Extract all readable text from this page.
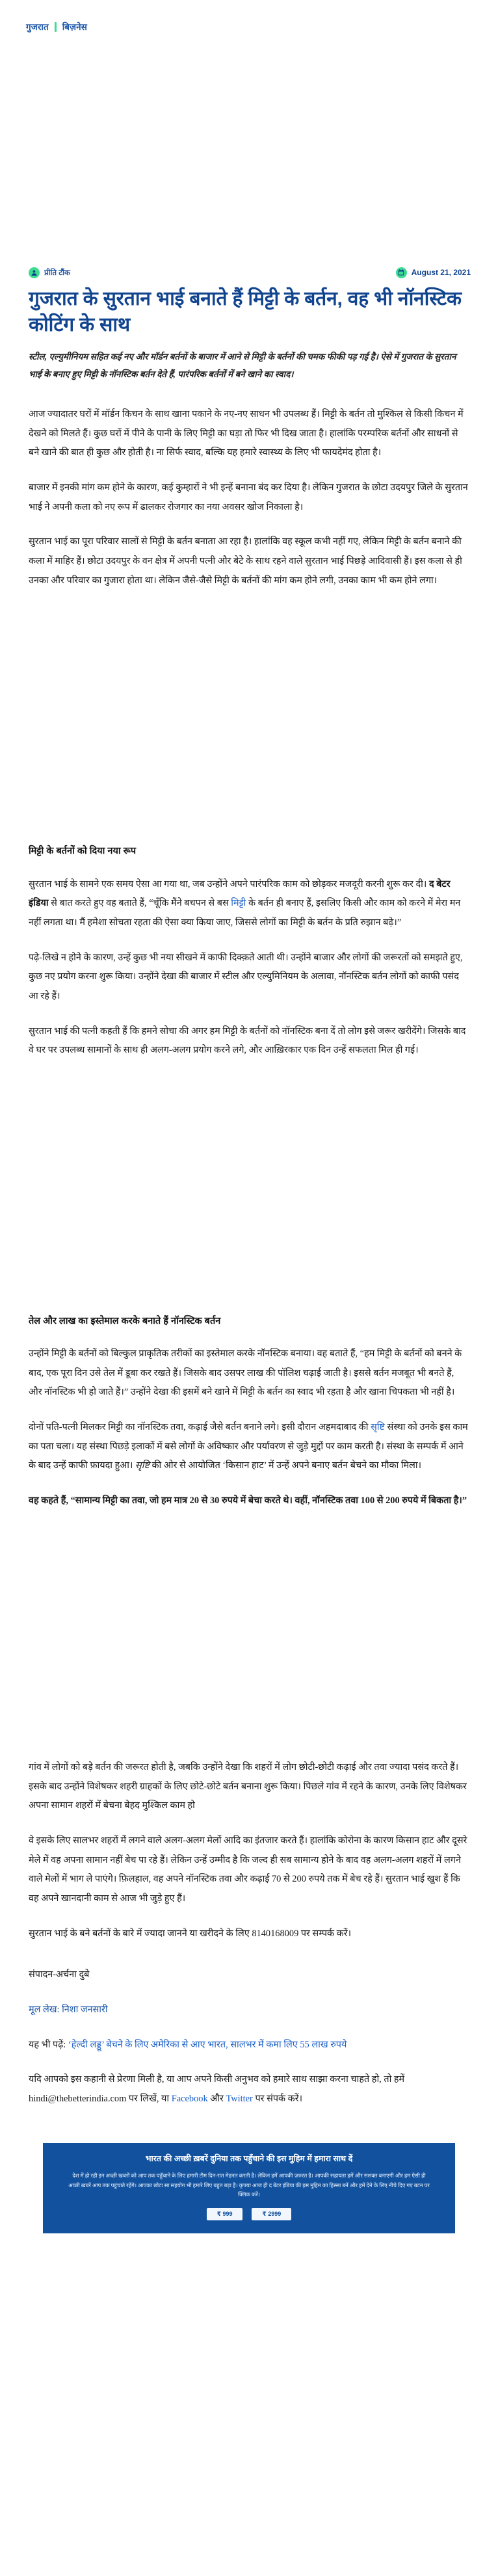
गुजरात बिज़नेस
प्रीति टौंक	August 21, 2021
गुजरात के सुरतान भाई बनाते हैं मिट्टी के बर्तन, वह भी नॉनस्टिक कोटिंग के साथ

स्टील, एल्युमीनियम सहित कई नए और मॉर्डन बर्तनों के बाजार में आने से मिट्टी के बर्तनों की चमक फीकी पड़ गई है। ऐसे में गुजरात के सुरतान भाई के बनाए हुए मिट्टी के नॉनस्टिक बर्तन देते हैं, पारंपरिक बर्तनों में बने खाने का स्वाद।

आज ज्यादातर घरों में मॉर्डन किचन के साथ खाना पकाने के नए-नए साधन भी उपलब्ध हैं। मिट्टी के बर्तन तो मुश्किल से किसी किचन में देखने को मिलते हैं। कुछ घरों में पीने के पानी के लिए मिट्टी का घड़ा तो फिर भी दिख जाता है। हालांकि परम्परिक बर्तनों और साधनों से बने खाने की बात ही कुछ और होती है। ना सिर्फ स्वाद, बल्कि यह हमारे स्वास्थ्य के लिए भी फायदेमंद होता है।

बाजार में इनकी मांग कम होने के कारण, कई कुम्हारों ने भी इन्हें बनाना बंद कर दिया है। लेकिन गुजरात के छोटा उदयपुर जिले के सुरतान भाई ने अपनी कला को नए रूप में ढालकर रोजगार का नया अवसर खोज निकाला है।

सुरतान भाई का पूरा परिवार सालों से मिट्टी के बर्तन बनाता आ रहा है। हालांकि वह स्कूल कभी नहीं गए, लेकिन मिट्टी के बर्तन बनाने की कला में माहिर हैं। छोटा उदयपुर के वन क्षेत्र में अपनी पत्नी और बेटे के साथ रहने वाले सुरतान भाई पिछड़े आदिवासी हैं। इस कला से ही उनका और परिवार का गुजारा होता था। लेकिन जैसे-जैसे मिट्टी के बर्तनों की मांग कम होने लगी, उनका काम भी कम होने लगा।

मिट्टी के बर्तनों को दिया नया रूप

सुरतान भाई के सामने एक समय ऐसा आ गया था, जब उन्होंने अपने पारंपरिक काम को छोड़कर मजदूरी करनी शुरू कर दी। द बेटर इंडिया से बात करते हुए वह बताते हैं, “चूँकि मैंने बचपन से बस मिट्टी के बर्तन ही बनाए हैं, इसलिए किसी और काम को करने में मेरा मन नहीं लगता था। मैं हमेशा सोचता रहता की ऐसा क्या किया जाए, जिससे लोगों का मिट्टी के बर्तन के प्रति रुझान बढ़े।”

पढ़े-लिखे न होने के कारण, उन्हें कुछ भी नया सीखने में काफी दिक्क़ते आती थी। उन्होंने बाजार और लोगों की जरूरतों को समझते हुए, कुछ नए प्रयोग करना शुरू किया। उन्होंने देखा की बाजार में स्टील और एल्युमिनियम के अलावा, नॉनस्टिक बर्तन लोगों को काफी पसंद आ रहे हैं।

सुरतान भाई की पत्नी कहती हैं कि हमने सोचा की अगर हम मिट्टी के बर्तनों को नॉनस्टिक बना दें तो लोग इसे जरूर खरीदेंगे। जिसके बाद वे घर पर उपलब्ध सामानों के साथ ही अलग-अलग प्रयोग करने लगे, और आख़िरकार एक दिन उन्हें सफलता मिल ही गई।

तेल और लाख का इस्तेमाल करके बनाते हैं नॉनस्टिक बर्तन

उन्होंने मिट्टी के बर्तनों को बिल्कुल प्राकृतिक तरीकों का इस्तेमाल करके नॉनस्टिक बनाया। वह बताते हैं, “हम मिट्टी के बर्तनों को बनने के बाद, एक पूरा दिन उसे तेल में डूबा कर रखते हैं। जिसके बाद उसपर लाख की पॉलिश चढ़ाई जाती है। इससे बर्तन मजबूत भी बनते हैं, और नॉनस्टिक भी हो जाते हैं।” उन्होंने देखा की इसमें बने खाने में मिट्टी के बर्तन का स्वाद भी रहता है और खाना चिपकता भी नहीं है।

दोनों पति-पत्नी मिलकर मिट्टी का नॉनस्टिक तवा, कढ़ाई जैसे बर्तन बनाने लगे। इसी दौरान अहमदाबाद की सृष्टि संस्था को उनके इस काम का पता चला। यह संस्था पिछड़े इलाकों में बसे लोगों के अविष्कार और पर्यावरण से जुड़े मुद्दों पर काम करती है। संस्था के सम्पर्क में आने के बाद उन्हें काफी फ़ायदा हुआ। सृष्टि की ओर से आयोजित ‘किसान हाट’ में उन्हें अपने बनाए बर्तन बेचने का मौका मिला।

वह कहते हैं, “सामान्य मिट्टी का तवा, जो हम मात्र 20 से 30 रुपये में बेचा करते थे। वहीं, नॉनस्टिक तवा 100 से 200 रुपये में बिकता है।”

गांव में लोगों को बड़े बर्तन की जरूरत होती है, जबकि उन्होंने देखा कि शहरों में लोग छोटी-छोटी कढ़ाई और तवा ज्यादा पसंद करते हैं। इसके बाद उन्होंने विशेषकर शहरी ग्राहकों के लिए छोटे-छोटे बर्तन बनाना शुरू किया। पिछले गांव में रहने के कारण, उनके लिए विशेषकर अपना सामान शहरों में बेचना बेहद मुश्किल काम हो

वे इसके लिए सालभर शहरों में लगने वाले अलग-अलग मेलों आदि का इंतजार करते हैं। हालांकि कोरोना के कारण किसान हाट और दूसरे मेले में वह अपना सामान नहीं बेच पा रहे हैं। लेकिन उन्हें उम्मीद है कि जल्द ही सब सामान्य होने के बाद वह अलग-अलग शहरों में लगने वाले मेलों में भाग ले पाएंगे। फ़िलहाल, वह अपने नॉनस्टिक तवा और कढ़ाई 70 से 200 रुपये तक में बेच रहे हैं। सुरतान भाई खुश हैं कि वह अपने खानदानी काम से आज भी जुड़े हुए हैं।

सुरतान भाई के बने बर्तनों के बारे में ज्यादा जानने या खरीदने के लिए 8140168009 पर सम्पर्क करें।

संपादन-अर्चना दुबे

मूल लेख: निशा जनसारी

यह भी पढ़ें: ‘हेल्दी लड्डू’ बेचने के लिए अमेरिका से आए भारत, सालभर में कमा लिए 55 लाख रुपये

यदि आपको इस कहानी से प्रेरणा मिली है, या आप अपने किसी अनुभव को हमारे साथ साझा करना चाहते हो, तो हमें hindi@thebetterindia.com पर लिखें, या Facebook और Twitter पर संपर्क करें।

भारत की अच्छी ख़बरें दुनिया तक पहुँचाने की इस मुहिम में हमारा साथ दें
देश में हो रही इन अच्छी खबरों को आप तक पहुँचाने के लिए हमारी टीम दिन-रात मेहनत करती है। लेकिन हमें आपकी ज़रुरत है। आपकी सहायता हमें और सशक्त बनाएगी और हम ऐसी ही अच्छी ख़बरें आप तक पहुंचाते रहेंगे। आपका छोटा सा सहयोग भी हमारे लिए बहुत बड़ा है। कृपया आज ही द बेटर इंडिया की इस मुहिम का हिस्सा बनें और हमें देने के लिए नीचे दिए गए बटन पर क्लिक करें।
₹ 999	₹ 2999
